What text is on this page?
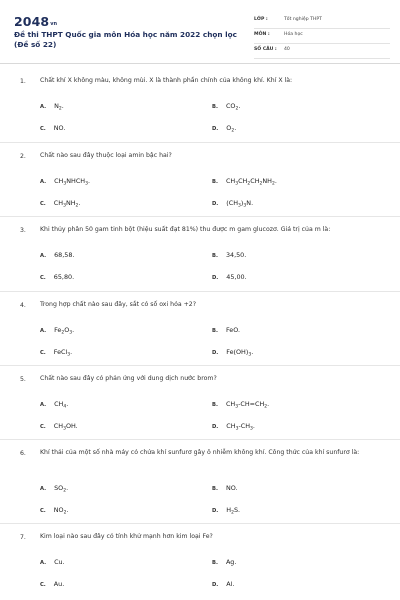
2048vn
Đề thi THPT Quốc gia môn Hóa học năm 2022 chọn lọc (Đề số 22)
LỚP :	Tốt nghiệp THPT
MÔN :	Hóa học
SỐ CÂU : 40
1. Chất khí X không màu, không mùi. X là thành phần chính của không khí. Khí X là:
A. $N_2$.	B. $CO_2$.
C. NO.	D. $O_2$.
2. Chất nào sau đây thuộc loại amin bậc hai?
A. $CH_3NHCH_3$.	B. $CH_3CH_2CH_2NH_2$.
C. $CH_3NH_2$.	D. $(CH_3)_3N$.
3. Khi thủy phân 50 gam tinh bột (hiệu suất đạt 81%) thu được m gam glucozơ. Giá trị của m là:
A. 68,58.	B. 34,50.
C. 65,80.	D. 45,00.
4. Trong hợp chất nào sau đây, sắt có số oxi hóa +2?
A. $Fe_2O_3$.	B. FeO.
C. FeCl$_3$.	D. $Fe(OH)_3$.
5. Chất nào sau đây có phản ứng với dung dịch nước brom?
A. $CH_4$.	B. $CH_3-CH=CH_2$.
C. $CH_3OH$.	D. $CH_3-CH_3$.
6. Khí thải của một số nhà máy có chứa khí sunfurơ gây ô nhiễm không khí. Công thức của khí sunfurơ là:
A. $SO_2$.	B. NO.
C. $NO_2$.	D. $H_2S$.
7. Kim loại nào sau đây có tính khử mạnh hơn kim loại Fe?
A. Cu.	B. Ag.
C. Au.	D. Al.
